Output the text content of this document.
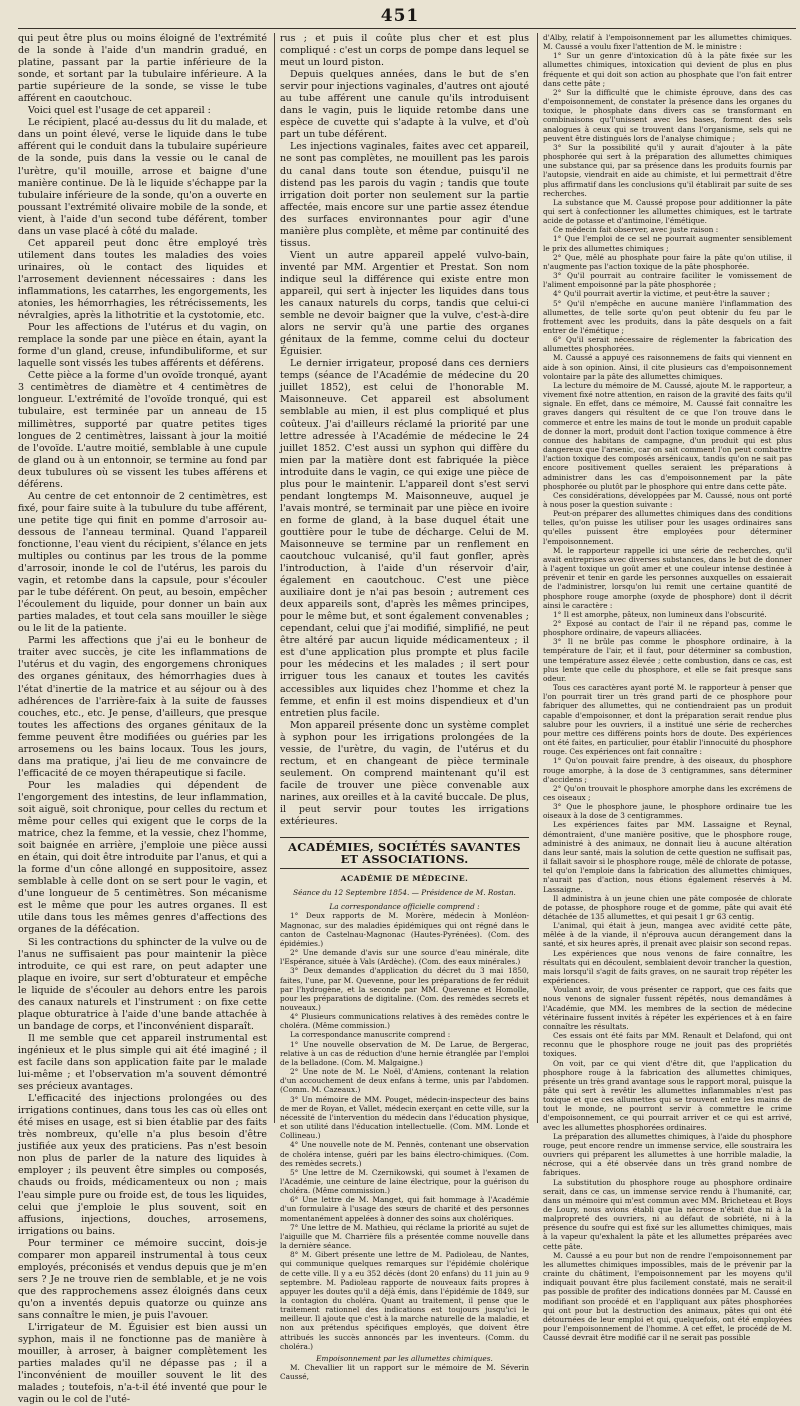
451

qui peut être plus ou moins éloigné de l'extrémité de la sonde à l'aide d'un mandrin gradué, en platine, passant par la partie inférieure de la sonde, et sortant par la tubulaire inférieure. A la partie supérieure de la sonde, se visse le tube afférent en caoutchouc.

Voici quel est l'usage de cet appareil :

Le récipient, placé au-dessus du lit du malade, et dans un point élevé, verse le liquide dans le tube afférent qui le conduit dans la tubulaire supérieure de la sonde, puis dans la vessie ou le canal de l'urètre, qu'il mouille, arrose et baigne d'une manière continue. De là le liquide s'échappe par la tubulaire inférieure de la sonde, qu'on a ouverte en poussant l'extrémité olivaire mobile de la sonde, et vient, à l'aide d'un second tube déférent, tomber dans un vase placé à côté du malade.

Cet appareil peut donc être employé très utilement dans toutes les maladies des voies urinaires, où le contact des liquides et l'arrosement deviennent nécessaires : dans les inflammations, les catarrhes, les engorgements, les atonies, les hémorrhagies, les rétrécissements, les névralgies, après la lithotritie et la cystotomie, etc.

Pour les affections de l'utérus et du vagin, on remplace la sonde par une pièce en étain, ayant la forme d'un gland, creuse, infundibuliforme, et sur laquelle sont vissés les tubes afférents et déférens.

Cette pièce a la forme d'un ovoïde tronqué, ayant 3 centimètres de diamètre et 4 centimètres de longueur. L'extrémité de l'ovoïde tronqué, qui est tubulaire, est terminée par un anneau de 15 millimètres, supporté par quatre petites tiges longues de 2 centimètres, laissant à jour la moitié de l'ovoïde. L'autre moitié, semblable à une cupule de gland ou à un entonnoir, se termine au fond par deux tubulures où se vissent les tubes afférens et déférens.

Au centre de cet entonnoir de 2 centimètres, est fixé, pour faire suite à la tubulure du tube afférent, une petite tige qui finit en pomme d'arrosoir au-dessous de l'anneau terminal. Quand l'appareil fonctionne, l'eau vient du récipient, s'élance en jets multiples ou continus par les trous de la pomme d'arrosoir, inonde le col de l'utérus, les parois du vagin, et retombe dans la capsule, pour s'écouler par le tube déférent. On peut, au besoin, empêcher l'écoulement du liquide, pour donner un bain aux parties malades, et tout cela sans mouiller le siège ou le lit de la patiente.

Parmi les affections que j'ai eu le bonheur de traiter avec succès, je cite les inflammations de l'utérus et du vagin, des engorgemens chroniques des organes génitaux, des hémorrhagies dues à l'état d'inertie de la matrice et au séjour ou à des adhérences de l'arrière-faix à la suite de fausses couches, etc., etc. Je pense, d'ailleurs, que presque toutes les affections des organes génitaux de la femme peuvent être modifiées ou guéries par les arrosemens ou les bains locaux. Tous les jours, dans ma pratique, j'ai lieu de me convaincre de l'efficacité de ce moyen thérapeutique si facile.

Pour les maladies qui dépendent de l'engorgement des intestins, de leur inflammation, soit aiguë, soit chronique, pour celles du rectum et même pour celles qui exigent que le corps de la matrice, chez la femme, et la vessie, chez l'homme, soit baignée en arrière, j'emploie une pièce aussi en étain, qui doit être introduite par l'anus, et qui a la forme d'un cône allongé en suppositoire, assez semblable à celle dont on se sert pour le vagin, et d'une longueur de 5 centimètres. Son mécanisme est le même que pour les autres organes. Il est utile dans tous les mêmes genres d'affections des organes de la défécation.

Si les contractions du sphincter de la vulve ou de l'anus ne suffisaient pas pour maintenir la pièce introduite, ce qui est rare, on peut adapter une plaque en ivoire, sur sert d'obturateur et empêche le liquide de s'écouler au dehors entre les parois des canaux naturels et l'instrument : on fixe cette plaque obturatrice à l'aide d'une bande attachée à un bandage de corps, et l'inconvénient disparaît.

Il me semble que cet appareil instrumental est ingénieux et le plus simple qui ait été imaginé ; il est facile dans son application faite par le malade lui-même ; et l'observation m'a souvent démontré ses précieux avantages.

L'efficacité des injections prolongées ou des irrigations continues, dans tous les cas où elles ont été mises en usage, est si bien établie par des faits très nombreux, qu'elle n'a plus besoin d'être justifiée aux yeux des praticiens. Pas n'est besoin non plus de parler de la nature des liquides à employer ; ils peuvent être simples ou composés, chauds ou froids, médicamenteux ou non ; mais l'eau simple pure ou froide est, de tous les liquides, celui que j'emploie le plus souvent, soit en affusions, injections, douches, arrosemens, irrigations ou bains.

Pour terminer ce mémoire succint, dois-je comparer mon appareil instrumental à tous ceux employés, préconisés et vendus depuis que je m'en sers ? Je ne trouve rien de semblable, et je ne vois que des rapprochemens assez éloignés dans ceux qu'on a inventés depuis quatorze ou quinze ans sans connaître le mien, je puis l'avouer.

L'irrigateur de M. Éguisier est bien aussi un syphon, mais il ne fonctionne pas de manière à mouiller, à arroser, à baigner complètement les parties malades qu'il ne dépasse pas ; il a l'inconvénient de mouiller souvent le lit des malades ; toutefois, n'a-t-il été inventé que pour le vagin ou le col de l'uté-

rus ; et puis il coûte plus cher et est plus compliqué : c'est un corps de pompe dans lequel se meut un lourd piston.

Depuis quelques années, dans le but de s'en servir pour injections vaginales, d'autres ont ajouté au tube afférent une canule qu'ils introduisent dans le vagin, puis le liquide retombe dans une espèce de cuvette qui s'adapte à la vulve, et d'où part un tube déférent.

Les injections vaginales, faites avec cet appareil, ne sont pas complètes, ne mouillent pas les parois du canal dans toute son étendue, puisqu'il ne distend pas les parois du vagin ; tandis que toute irrigation doit porter non seulement sur la partie affectée, mais encore sur une partie assez étendue des surfaces environnantes pour agir d'une manière plus complète, et même par continuité des tissus.

Vient un autre appareil appelé vulvo-bain, inventé par MM. Argentier et Prestat. Son nom indique seul la différence qui existe entre mon appareil, qui sert à injecter les liquides dans tous les canaux naturels du corps, tandis que celui-ci semble ne devoir baigner que la vulve, c'est-à-dire alors ne servir qu'à une partie des organes génitaux de la femme, comme celui du docteur Éguisier.

Le dernier irrigateur, proposé dans ces derniers temps (séance de l'Académie de médecine du 20 juillet 1852), est celui de l'honorable M. Maisonneuve. Cet appareil est absolument semblable au mien, il est plus compliqué et plus coûteux. J'ai d'ailleurs réclamé la priorité par une lettre adressée à l'Académie de médecine le 24 juillet 1852. C'est aussi un syphon qui diffère du mien par la matière dont est fabriquée la pièce introduite dans le vagin, ce qui exige une pièce de plus pour le maintenir. L'appareil dont s'est servi pendant longtemps M. Maisonneuve, auquel je l'avais montré, se terminait par une pièce en ivoire en forme de gland, à la base duquel était une gouttière pour le tube de décharge. Celui de M. Maisonneuve se termine par un renflement en caoutchouc vulcanisé, qu'il faut gonfler, après l'introduction, à l'aide d'un réservoir d'air, également en caoutchouc. C'est une pièce auxiliaire dont je n'ai pas besoin ; autrement ces deux appareils sont, d'après les mêmes principes, pour le même but, et sont également convenables ; cependant, celui que j'ai modifié, simplifié, ne peut être altéré par aucun liquide médicamenteux ; il est d'une application plus prompte et plus facile pour les médecins et les malades ; il sert pour irriguer tous les canaux et toutes les cavités accessibles aux liquides chez l'homme et chez la femme, et enfin il est moins dispendieux et d'un entretien plus facile.

Mon appareil présente donc un système complet à syphon pour les irrigations prolongées de la vessie, de l'urètre, du vagin, de l'utérus et du rectum, et en changeant de pièce terminale seulement. On comprend maintenant qu'il est facile de trouver une pièce convenable aux narines, aux oreilles et à la cavité buccale. De plus, il peut servir pour toutes les irrigations extérieures.

ACADÉMIES, SOCIÉTÉS SAVANTES ET ASSOCIATIONS.
ACADÉMIE DE MÉDECINE.
Séance du 12 Septembre 1854. — Présidence de M. Rostan.

La correspondance officielle comprend :

1° Deux rapports de M. Morère, médecin à Monléon-Magnonac, sur des maladies épidémiques qui ont régné dans le canton de Castelnau-Magnonac (Hautes-Pyrénées). (Com. des épidémies.)

2° Une demande d'avis sur une source d'eau minérale, dite l'Espérance, située à Vals (Ardèche). (Com. des eaux minérales.)

3° Deux demandes d'application du décret du 3 mai 1850, faites, l'une, par M. Quevenne, pour les préparations de fer réduit par l'hydrogène, et la seconde par MM. Quevenne et Homolle, pour les préparations de digitaline. (Com. des remèdes secrets et nouveaux.)

4° Plusieurs communications relatives à des remèdes contre le choléra. (Même commission.)

La correspondance manuscrite comprend :

1° Une nouvelle observation de M. De Larue, de Bergerac, relative à un cas de réduction d'une hernie étranglée par l'emploi de la belladone. (Com. M. Malgaigne.)

2° Une note de M. Le Noël, d'Amiens, contenant la relation d'un accouchement de deux enfans à terme, unis par l'abdomen. (Comm. M. Cazeaux.)

3° Un mémoire de MM. Pouget, médecin-inspecteur des bains de mer de Royan, et Vallet, médecin exerçant en cette ville, sur la nécessité de l'intervention du médecin dans l'éducation physique, et son utilité dans l'éducation intellectuelle. (Com. MM. Londe et Collineau.)

4° Une nouvelle note de M. Pennès, contenant une observation de choléra intense, guéri par les bains électro-chimiques. (Com. des remèdes secrets.)

5° Une lettre de M. Czernikowski, qui soumet à l'examen de l'Académie, une ceinture de laine électrique, pour la guérison du choléra. (Même commission.)

6° Une lettre de M. Manget, qui fait hommage à l'Académie d'un formulaire à l'usage des sœurs de charité et des personnes momentanément appelées à donner des soins aux cholériques.

7° Une lettre de M. Mathieu, qui réclame la priorité au sujet de l'aiguille que M. Charrière fils a présentée comme nouvelle dans la dernière séance.

8° M. Gibert présente une lettre de M. Padioleau, de Nantes, qui communique quelques remarques sur l'épidémie cholérique de cette ville. Il y a eu 352 décès (dont 20 enfans) du 11 juin au 9 septembre. M. Padioleau rapporte de nouveaux faits propres à appuyer les doutes qu'il a déjà émis, dans l'épidémie de 1849, sur la contagion du choléra. Quant au traitement, il pense que le traitement rationnel des indications est toujours jusqu'ici le meilleur. Il ajoute que c'est à la marche naturelle de la maladie, et non aux prétendus spécifiques employés, que doivent être attribués les succès annoncés par les inventeurs. (Comm. du choléra.)

Empoisonnement par les allumettes chimiques.

M. Chevallier lit un rapport sur le mémoire de M. Séverin Caussé,

d'Alby, relatif à l'empoisonnement par les allumettes chimiques. M. Caussé a voulu fixer l'attention de M. le ministre :

1° Sur un genre d'intoxication dû à la pâte fixée sur les allumettes chimiques, intoxication qui devient de plus en plus fréquente et qui doit son action au phosphate que l'on fait entrer dans cette pâte ;

2° Sur la difficulté que le chimiste éprouve, dans des cas d'empoisonnement, de constater la présence dans les organes du toxique, le phosphate dans divers cas se transformant en combinaisons qu'l'unissent avec les bases, forment des sels analogues à ceux qui se trouvent dans l'organisme, sels qui ne peuvent être distingués lors de l'analyse chimique ;

3° Sur la possibilité qu'il y aurait d'ajouter à la pâte phosphorée qui sert à la préparation des allumettes chimiques une substance qui, par sa présence dans les produits fournis par l'autopsie, viendrait en aide au chimiste, et lui permettrait d'être plus affirmatif dans les conclusions qu'il établirait par suite de ses recherches.

La substance que M. Caussé propose pour additionner la pâte qui sert à confectionner les allumettes chimiques, est le tartrate acide de potasse et d'antimoine, l'émétique.

Ce médecin fait observer, avec juste raison :

1° Que l'emploi de ce sel ne pourrait augmenter sensiblement le prix des allumettes chimiques ;

2° Que, mêlé au phosphate pour faire la pâte qu'on utilise, il n'augmente pas l'action toxique de la pâte phosphorée.

3° Qu'il pourrait au contraire faciliter le vomissement de l'aliment empoisonné par la pâte phosphorée ;

4° Qu'il pourrait avertir la victime, et peut-être la sauver ;

5° Qu'il n'empêche en aucune manière l'inflammation des allumettes, de telle sorte qu'on peut obtenir du feu par le frottement avec les produits, dans la pâte desquels on a fait entrer de l'émétique ;

6° Qu'il serait nécessaire de réglementer la fabrication des allumettes phosphorées.

M. Caussé a appuyé ces raisonnemens de faits qui viennent en aide à son opinion. Ainsi, il cite plusieurs cas d'empoisonnement volontaire par la pâte des allumettes chimiques.

La lecture du mémoire de M. Caussé, ajoute M. le rapporteur, a vivement fixé notre attention, en raison de la gravité des faits qu'il signale. En effet, dans ce mémoire, M. Caussé fait connaître les graves dangers qui résultent de ce que l'on trouve dans le commerce et entre les mains de tout le monde un produit capable de donner la mort, produit dont l'action toxique commence à être connue des habitans de campagne, d'un produit qui est plus dangereux que l'arsenic, car on sait comment l'on peut combattre l'action toxique des composés arsénicaux, tandis qu'on ne sait pas encore positivement quelles seraient les préparations à administrer dans les cas d'empoisonnement par la pâte phosphorée ou plutôt par le phosphore qui entre dans cette pâte.

Ces considérations, développées par M. Caussé, nous ont porté à nous poser la question suivante :

Peut-on préparer des allumettes chimiques dans des conditions telles, qu'on puisse les utiliser pour les usages ordinaires sans qu'elles puissent être employées pour déterminer l'empoisonnement.

M. le rapporteur rappelle ici une série de recherches, qu'il avait entreprises avec diverses substances, dans le but de donner à l'agent toxique un goût amer et une couleur intense destinée à prévenir et tenir en garde les personnes auxquelles on essaierait de l'administrer, lorsqu'on lui remit une certaine quantité de phosphore rouge amorphe (oxyde de phosphore) dont il décrit ainsi le caractère :

1° Il est amorphe, pâteux, non lumineux dans l'obscurité.

2° Exposé au contact de l'air il ne répand pas, comme le phosphore ordinaire, de vapeurs alliacées.

3° Il ne brûle pas comme le phosphore ordinaire, à la température de l'air, et il faut, pour déterminer sa combustion, une température assez élevée ; cette combustion, dans ce cas, est plus lente que celle du phosphore, et elle se fait presque sans odeur.

Tous ces caractères ayant porté M. le rapporteur à penser que l'on pourrait tirer un très grand parti de ce phosphore pour fabriquer des allumettes, qui ne contiendraient pas un produit capable d'empoisonner, et dont la préparation serait rendue plus salubre pour les ouvriers, il a institué une série de recherches pour mettre ces différens points hors de doute. Des expériences ont été faites, en particulier, pour établir l'innocuité du phosphore rouge. Ces expériences ont fait connaître :

1° Qu'on pouvait faire prendre, à des oiseaux, du phosphore rouge amorphe, à la dose de 3 centigrammes, sans déterminer d'accidens ;

2° Qu'on trouvait le phosphore amorphe dans les excrémens de ces oiseaux ;

3° Que le phosphore jaune, le phosphore ordinaire tue les oiseaux à la dose de 3 centigrammes.

Les expériences faites par MM. Lassaigne et Reynal, démontraient, d'une manière positive, que le phosphore rouge, administré à des animaux, ne donnait lieu à aucune altération dans leur santé, mais la solution de cette question ne suffisait pas, il fallait savoir si le phosphore rouge, mêlé de chlorate de potasse, tel qu'on l'emploie dans la fabrication des allumettes chimiques, n'aurait pas d'action, nous étions également réservés à M. Lassaigne.

Il administra à un jeune chien une pâte composée de chlorate de potasse, de phosphore rouge et de gomme, pâte qui avait été détachée de 135 allumettes, et qui pesait 1 gr 63 centig.

L'animal, qui était à jeun, mangea avec avidité cette pâte, mêlée à de la viande, il n'éprouva aucun dérangement dans la santé, et six heures après, il prenait avec plaisir son second repas.

Les expériences que nous venons de faire connaître, les résultats qui en découlent, semblaient devoir trancher la question, mais lorsqu'il s'agit de faits graves, on ne saurait trop répéter les expériences.

Voulant avoir, de vous présenter ce rapport, que ces faits que nous venons de signaler fussent répétés, nous demandâmes à l'Académie, que MM. les membres de la section de médecine vétérinaire fussent invités à répéter les expériences et à en faire connaître les résultats.

Ces essais ont été faits par MM. Renault et Delafond, qui ont reconnu que le phosphore rouge ne jouit pas des propriétés toxiques.

On voit, par ce qui vient d'être dit, que l'application du phosphore rouge à la fabrication des allumettes chimiques, présente un très grand avantage sous le rapport moral, puisque la pâte qui sert à revêtir les allumettes inflammables n'est pas toxique et que ces allumettes qui se trouvent entre les mains de tout le monde, ne pourront servir à commettre le crime d'empoisonnement, ce qui pourrait arriver et ce qui est arrivé, avec les allumettes phosphorées ordinaires.

La préparation des allumettes chimiques, à l'aide du phosphore rouge, peut encore rendre un immense service, elle soustraira les ouvriers qui préparent les allumettes à une horrible maladie, la nécrose, qui a été observée dans un très grand nombre de fabriques.

La substitution du phosphore rouge au phosphore ordinaire serait, dans ce cas, un immense service rendu à l'humanité, car, dans un mémoire qui m'est commun avec MM. Bricheteau et Boys de Loury, nous avions établi que la nécrose n'était due ni à la malpropreté des ouvriers, ni au défaut de sobriété, ni à la présence du soufre qui est fixé sur les allumettes chimiques, mais à la vapeur qu'exhalent la pâte et les allumettes préparées avec cette pâte.

M. Caussé a eu pour but non de rendre l'empoisonnement par les allumettes chimiques impossibles, mais de le prévenir par la crainte du châtiment, l'empoisonnement par les moyens qu'il indiquait pouvant être plus facilement constaté, mais ne serait-il pas possible de profiter des indications données par M. Caussé en modifiant son procédé et en l'appliquant aux pâtes phosphorées qui ont pour but la destruction des animaux, pâtes qui ont été détournées de leur emploi et qui, quelquefois, ont été employées pour l'empoisonnement de l'homme. A cet effet, le procédé de M. Caussé devrait être modifié car il ne serait pas possible
